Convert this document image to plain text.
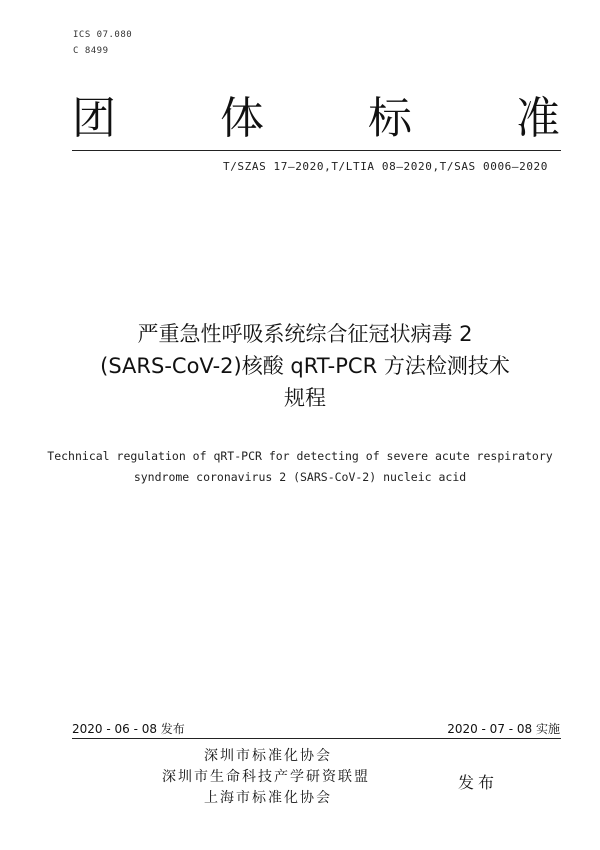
ICS 07.080
C 8499
团 体 标 准
T/SZAS 17—2020,T/LTIA 08—2020,T/SAS 0006—2020
严重急性呼吸系统综合征冠状病毒 2
(SARS-CoV-2)核酸 qRT-PCR 方法检测技术
规程
Technical regulation of qRT-PCR for detecting of severe acute respiratory
syndrome coronavirus 2 (SARS-CoV-2) nucleic acid
2020 - 06 - 08 发布	2020 - 07 - 08 实施
深圳市标准化协会
深圳市生命科技产学研资联盟
上海市标准化协会
发布
